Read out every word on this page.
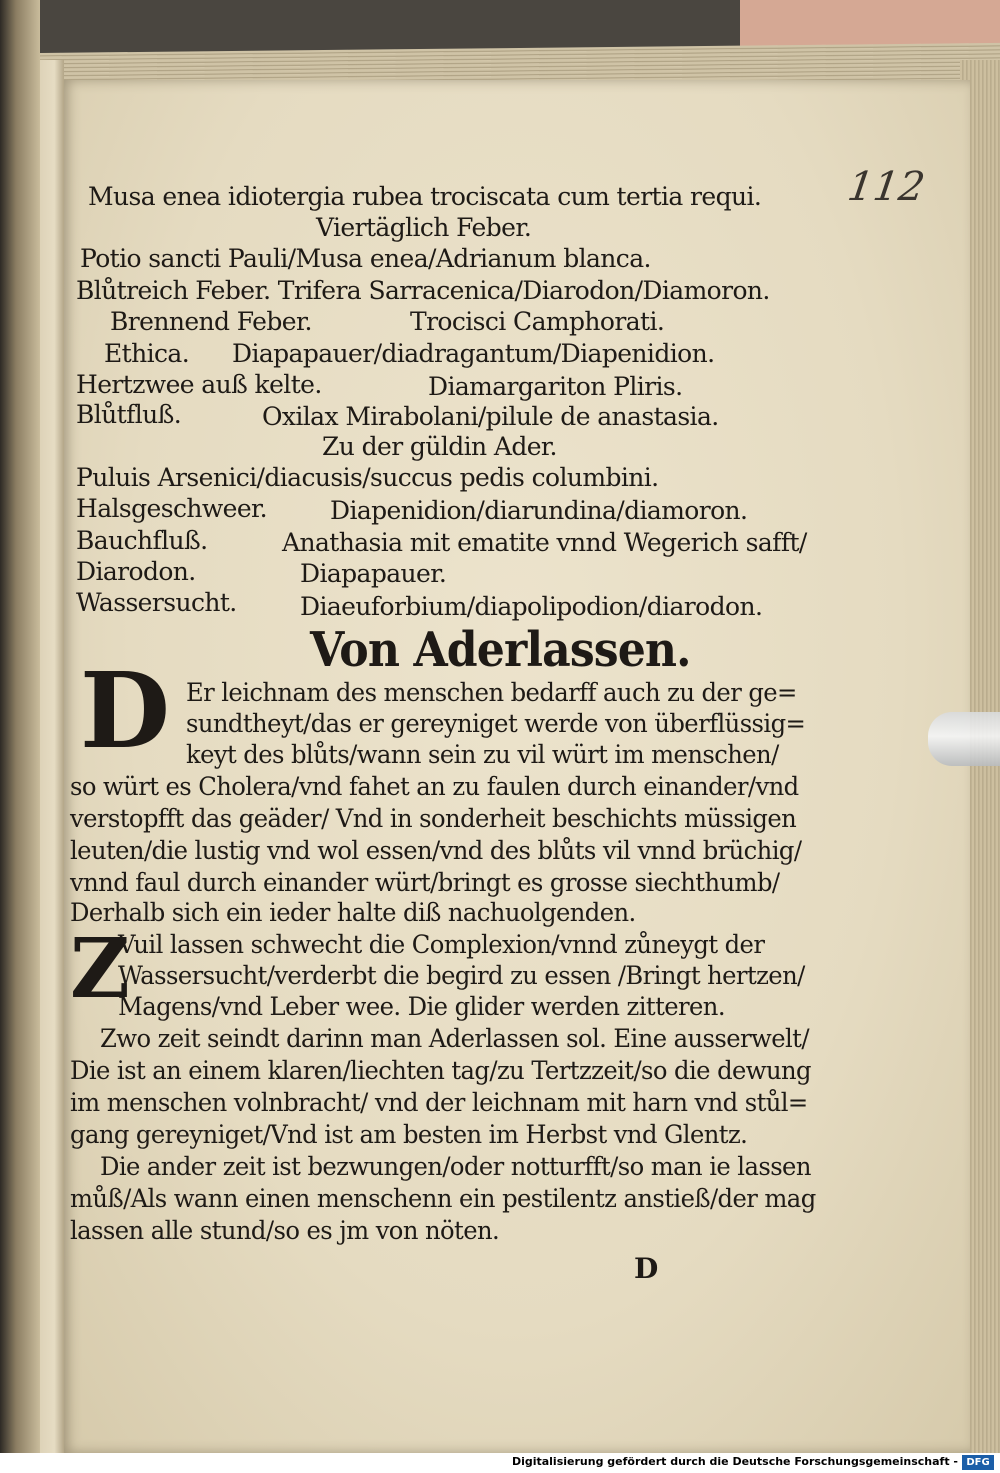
112
Musa enea idiotergia rubea trociscata cum tertia requi.
Viertäglich Feber.
Potio sancti Pauli/Musa enea/Adrianum blanca.
Blůtreich Feber. Trifera Sarracenica/Diarodon/Diamoron.
Brennend Feber.	Trocisci Camphorati.
Ethica. Diapapauer/diadragantum/Diapenidion.
Hertzwee auß kelte.	Diamargariton Pliris.
Blůtfluß.	Oxilax Mirabolani/pilule de anastasia.
Zu der güldin Ader.
Puluis Arsenici/diacusis/succus pedis columbini.
Halsgeschweer.	Diapenidion/diarundina/diamoron.
Bauchfluß.	Anathasia mit ematite vnnd Wegerich safft/
Diarodon.	Diapapauer.
Wassersucht.	Diaeuforbium/diapolipodion/diarodon.
Von Aderlassen.
D Er leichnam des menschen bedarff auch zu der ge=
sundtheyt/das er gereyniget werde von überflüssig=
keyt des blůts/wann sein zu vil würt im menschen/
so würt es Cholera/vnd fahet an zu faulen durch einander/vnd
verstopfft das geäder/ Vnd in sonderheit beschichts müssigen
leuten/die lustig vnd wol essen/vnd des blůts vil vnnd brüchig/
vnnd faul durch einander würt/bringt es grosse siechthumb/
Derhalb sich ein ieder halte diß nachuolgenden.
Z
Vuil lassen schwecht die Complexion/vnnd zůneygt der
Wassersucht/verderbt die begird zu essen /Bringt hertzen/
Magens/vnd Leber wee. Die glider werden zitteren.
Zwo zeit seindt darinn man Aderlassen sol. Eine ausserwelt/
Die ist an einem klaren/liechten tag/zu Tertzzeit/so die dewung
im menschen volnbracht/ vnd der leichnam mit harn vnd stůl=
gang gereyniget/Vnd ist am besten im Herbst vnd Glentz.
Die ander zeit ist bezwungen/oder notturfft/so man ie lassen
můß/Als wann einen menschenn ein pestilentz anstieß/der mag
lassen alle stund/so es jm von nöten.
D
Digitalisierung gefördert durch die Deutsche Forschungsgemeinschaft - DFG
